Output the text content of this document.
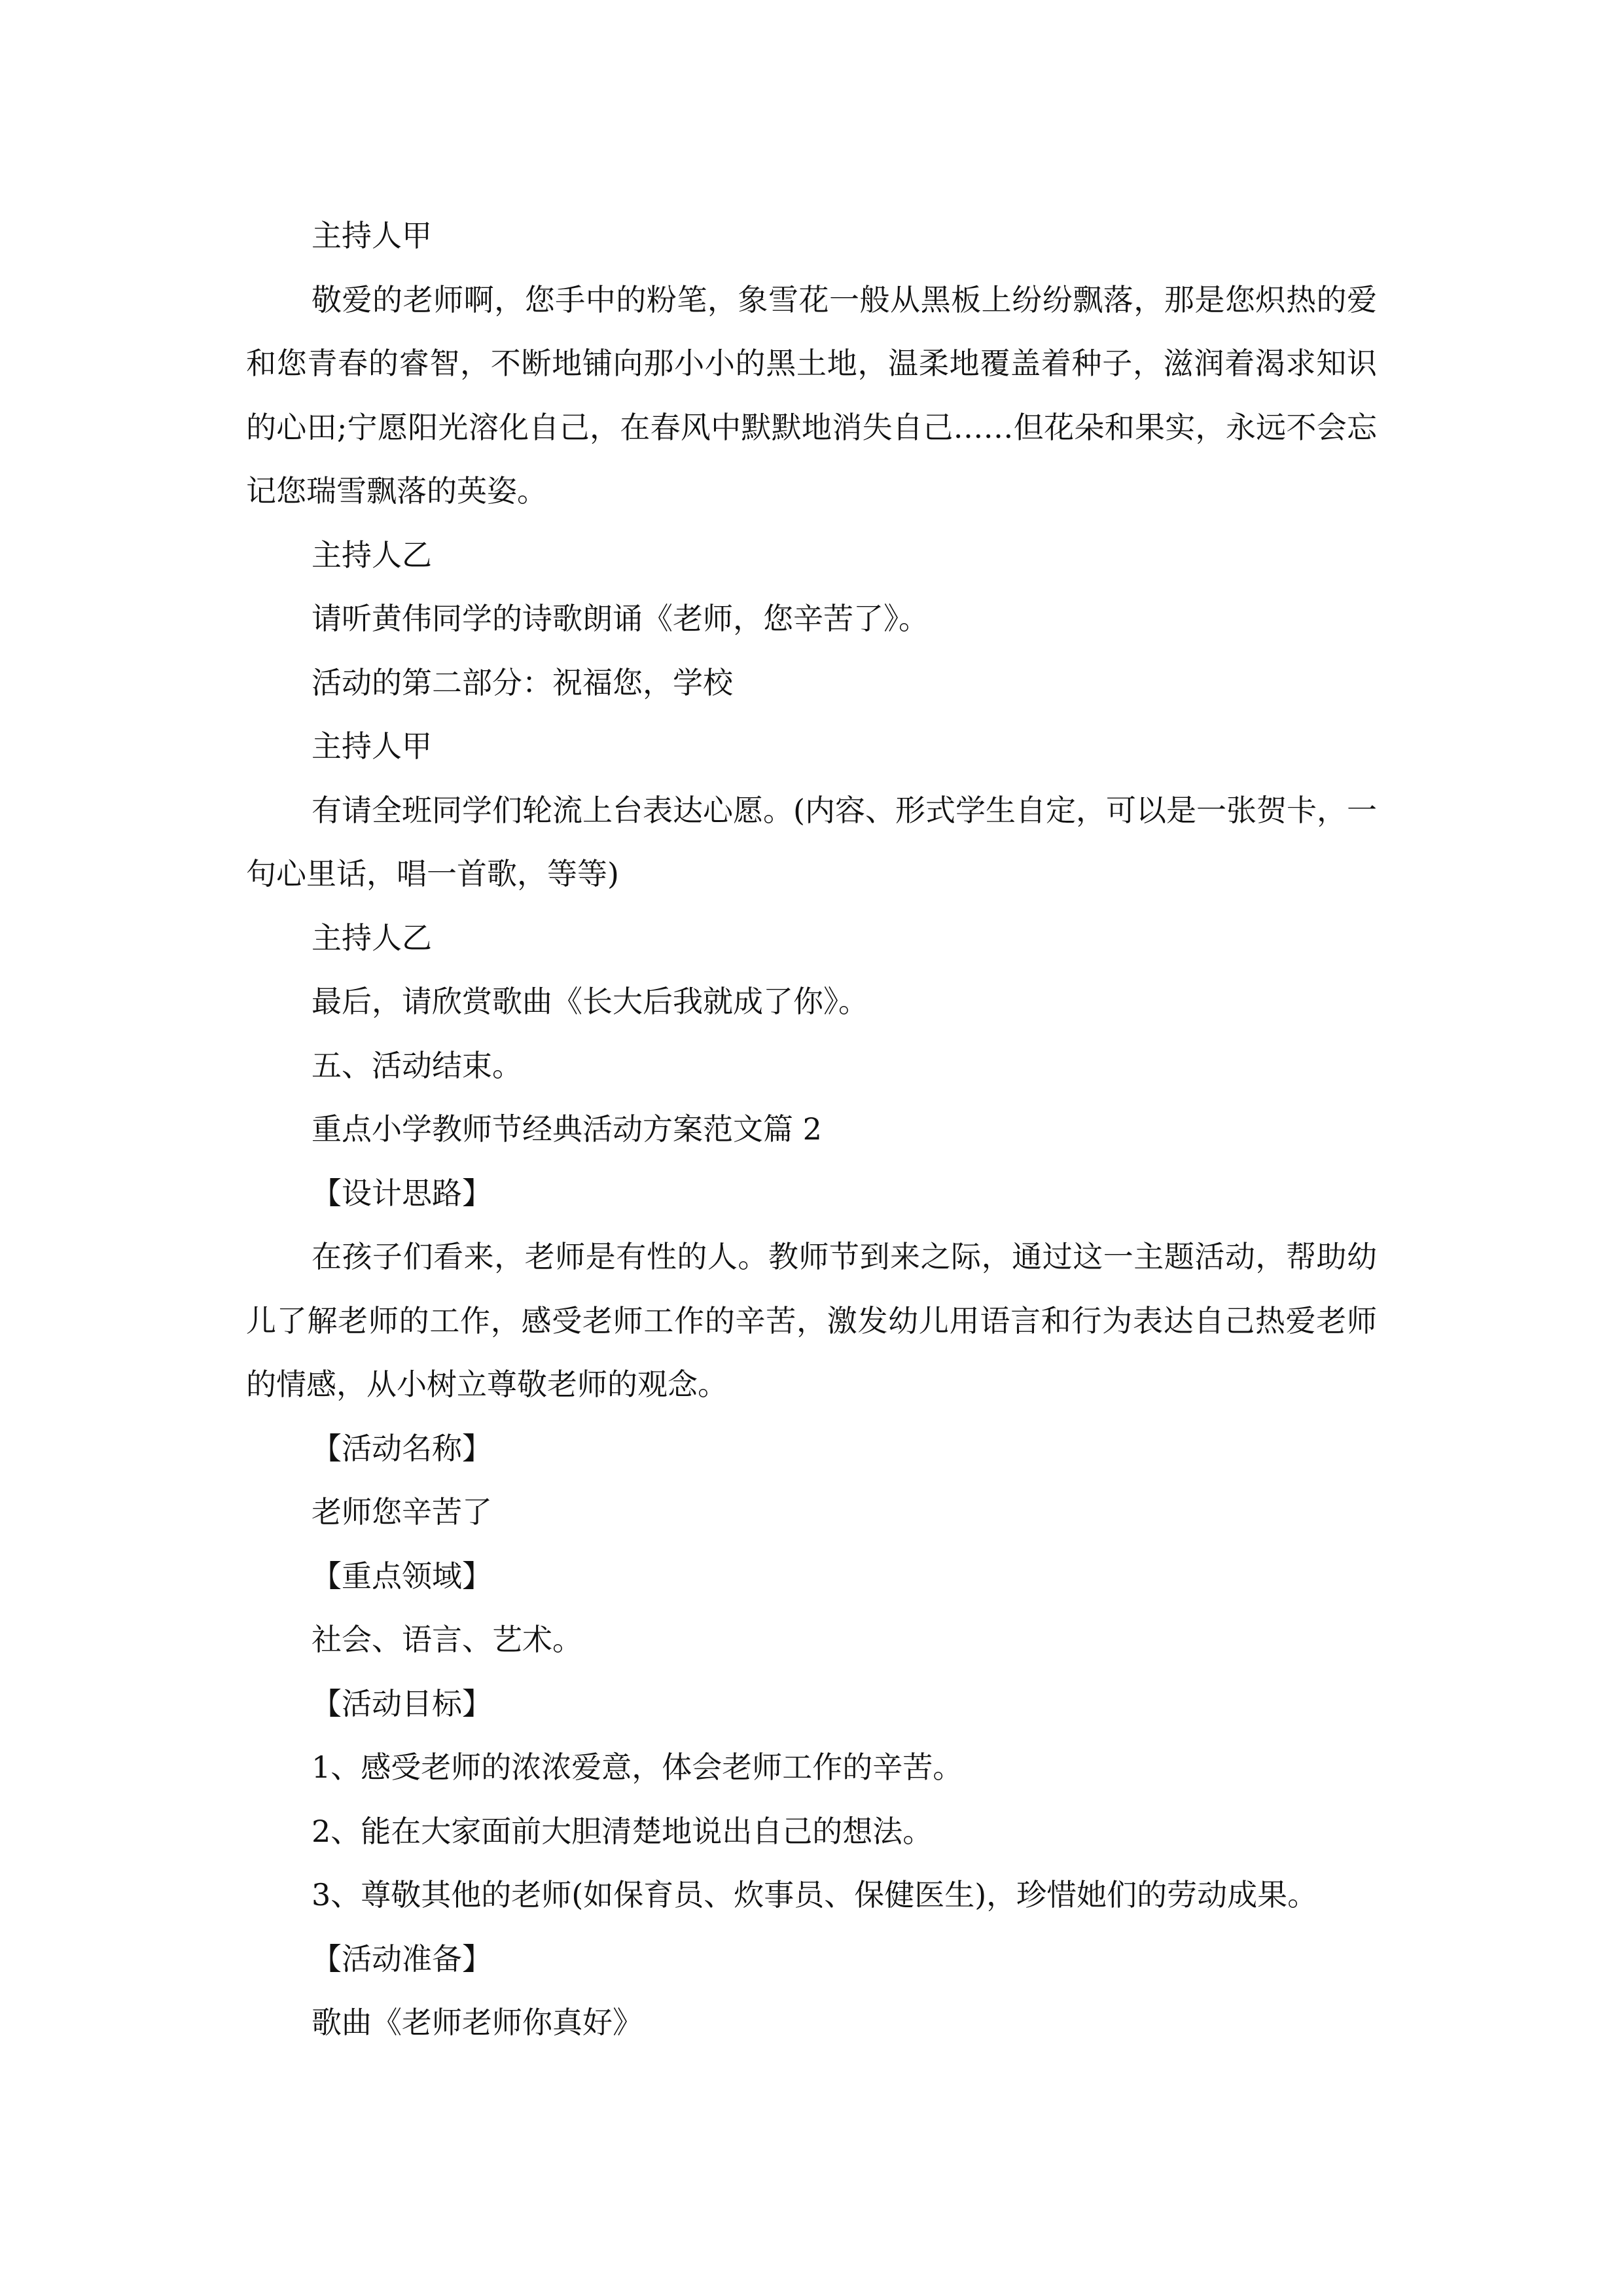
主持人甲

敬爱的老师啊，您手中的粉笔，象雪花一般从黑板上纷纷飘落，那是您炽热的爱和您青春的睿智，不断地铺向那小小的黑土地，温柔地覆盖着种子，滋润着渴求知识的心田;宁愿阳光溶化自己，在春风中默默地消失自己……但花朵和果实，永远不会忘记您瑞雪飘落的英姿。

主持人乙

请听黄伟同学的诗歌朗诵《老师，您辛苦了》。

活动的第二部分：祝福您，学校

主持人甲

有请全班同学们轮流上台表达心愿。(内容、形式学生自定，可以是一张贺卡，一句心里话，唱一首歌，等等)

主持人乙

最后，请欣赏歌曲《长大后我就成了你》。

五、活动结束。

重点小学教师节经典活动方案范文篇 2

【设计思路】

在孩子们看来，老师是有性的人。教师节到来之际，通过这一主题活动，帮助幼儿了解老师的工作，感受老师工作的辛苦，激发幼儿用语言和行为表达自己热爱老师的情感，从小树立尊敬老师的观念。

【活动名称】

老师您辛苦了

【重点领域】

社会、语言、艺术。

【活动目标】

1、感受老师的浓浓爱意，体会老师工作的辛苦。

2、能在大家面前大胆清楚地说出自己的想法。

3、尊敬其他的老师(如保育员、炊事员、保健医生)，珍惜她们的劳动成果。

【活动准备】

歌曲《老师老师你真好》
